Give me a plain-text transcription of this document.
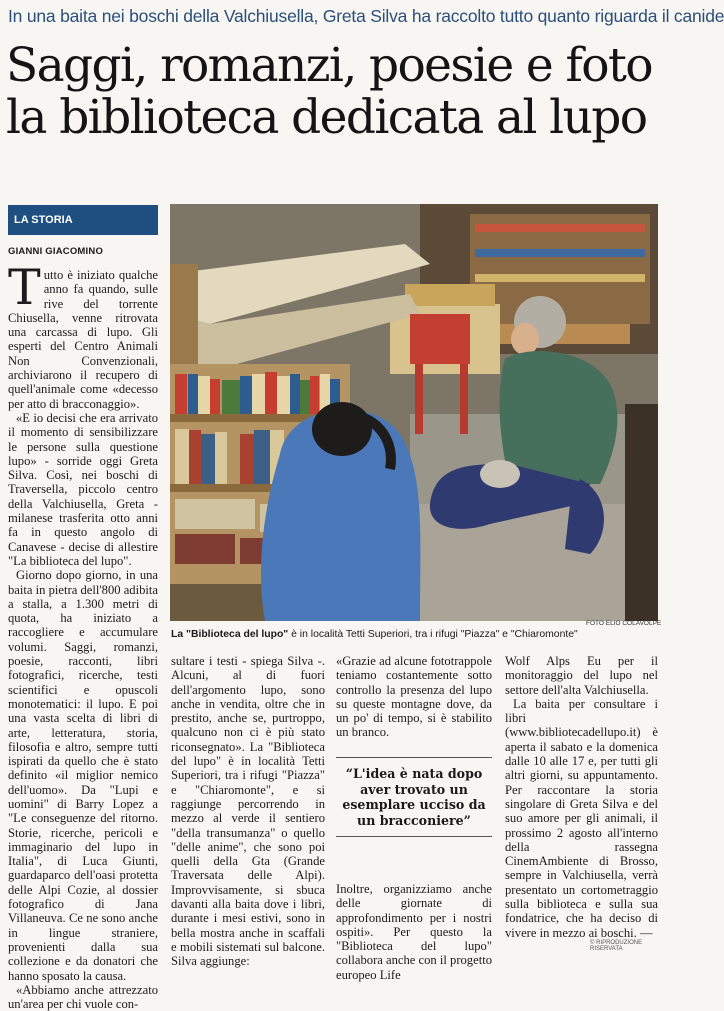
In una baita nei boschi della Valchiusella, Greta Silva ha raccolto tutto quanto riguarda il canide
Saggi, romanzi, poesie e foto
la biblioteca dedicata al lupo
LA STORIA
GIANNI GIACOMINO

Tutto è iniziato qualche anno fa quando, sulle rive del torrente Chiusella, venne ritrovata una carcassa di lupo. Gli esperti del Centro Animali Non Convenzionali, archiviarono il recupero di quell'animale come «decesso per atto di bracconaggio».

«E io decisi che era arrivato il momento di sensibilizzare le persone sulla questione lupo» - sorride oggi Greta Silva. Così, nei boschi di Traversella, piccolo centro della Valchiusella, Greta - milanese trasferita otto anni fa in questo angolo di Canavese - decise di allestire "La biblioteca del lupo".

Giorno dopo giorno, in una baita in pietra dell'800 adibita a stalla, a 1.300 metri di quota, ha iniziato a raccogliere e accumulare volumi. Saggi, romanzi, poesie, racconti, libri fotografici, ricerche, testi scientifici e opuscoli monotematici: il lupo. E poi una vasta scelta di libri di arte, letteratura, storia, filosofia e altro, sempre tutti ispirati da quello che è stato definito «il miglior nemico dell'uomo». Da "Lupi e uomini" di Barry Lopez a "Le conseguenze del ritorno. Storie, ricerche, pericoli e immaginario del lupo in Italia", di Luca Giunti, guardaparco dell'oasi protetta delle Alpi Cozie, al dossier fotografico di Jana Villaneuva. Ce ne sono anche in lingue straniere, provenienti dalla sua collezione e da donatori che hanno sposato la causa.

«Abbiamo anche attrezzato un'area per chi vuole con-

FOTO ELIO COLAVOLPE
La "Biblioteca del lupo" è in località Tetti Superiori, tra i rifugi "Piazza" e "Chiaromonte"

sultare i testi - spiega Silva -. Alcuni, al di fuori dell'argomento lupo, sono anche in vendita, oltre che in prestito, anche se, purtroppo, qualcuno non ci è più stato riconsegnato». La "Biblioteca del lupo" è in località Tetti Superiori, tra i rifugi "Piazza" e "Chiaromonte", e si raggiunge percorrendo in mezzo al verde il sentiero "della transumanza" o quello "delle anime", che sono poi quelli della Gta (Grande Traversata delle Alpi). Improvvisamente, si sbuca davanti alla baita dove i libri, durante i mesi estivi, sono in bella mostra anche in scaffali e mobili sistemati sul balcone. Silva aggiunge:

«Grazie ad alcune fototrappole teniamo costantemente sotto controllo la presenza del lupo su queste montagne dove, da un po' di tempo, si è stabilito un branco.

“L'idea è nata dopo aver trovato un esemplare ucciso da un bracconiere”
Inoltre, organizziamo anche delle giornate di approfondimento per i nostri ospiti». Per questo la "Biblioteca del lupo" collabora anche con il progetto europeo Life

Wolf Alps Eu per il monitoraggio del lupo nel settore dell'alta Valchiusella.

La baita per consultare i libri (www.bibliotecadellupo.it) è aperta il sabato e la domenica dalle 10 alle 17 e, per tutti gli altri giorni, su appuntamento. Per raccontare la storia singolare di Greta Silva e del suo amore per gli animali, il prossimo 2 agosto all'interno della rassegna CinemAmbiente di Brosso, sempre in Valchiusella, verrà presentato un cortometraggio sulla biblioteca e sulla sua fondatrice, che ha deciso di vivere in mezzo ai boschi. —

© RIPRODUZIONE RISERVATA
